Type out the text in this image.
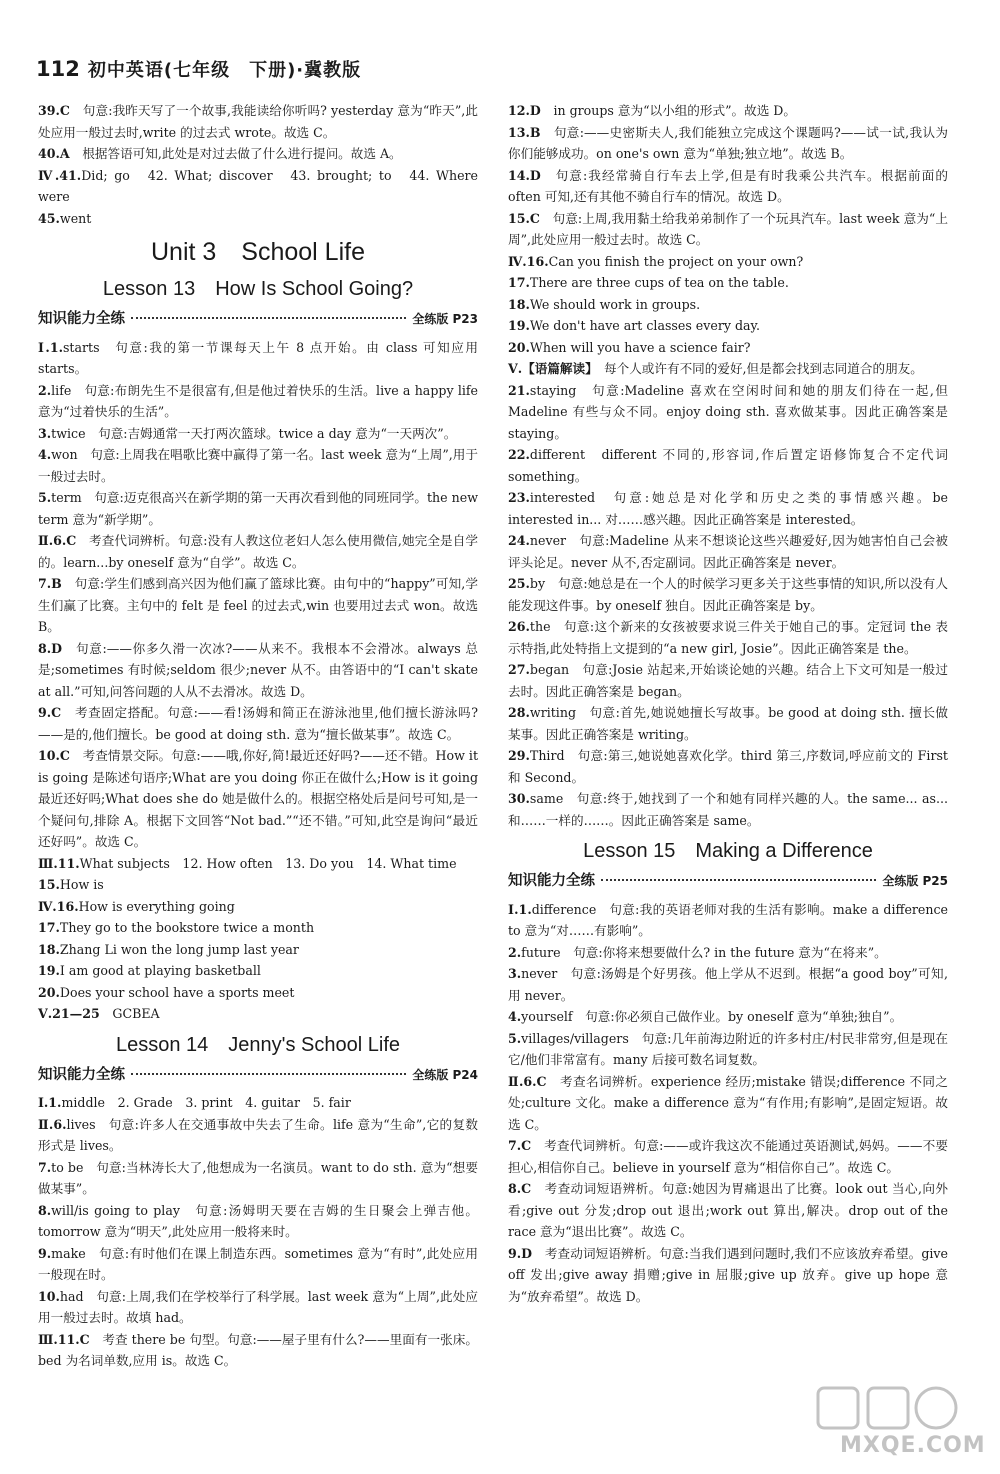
112 初中英语(七年级　下册)·冀教版

39.C　句意:我昨天写了一个故事,我能读给你听吗? yesterday 意为“昨天”,此处应用一般过去时,write 的过去式 wrote。故选 C。

40.A　根据答语可知,此处是对过去做了什么进行提问。故选 A。

Ⅳ.41.Did; go　42. What; discover　43. brought; to　44. Where were

45.went

Unit 3　School Life
Lesson 13　How Is School Going?
知识能力全练	全练版 P23

Ⅰ.1.starts　句意:我的第一节课每天上午 8 点开始。由 class 可知应用 starts。

2.life　句意:布朗先生不是很富有,但是他过着快乐的生活。live a happy life 意为“过着快乐的生活”。

3.twice　句意:吉姆通常一天打两次篮球。twice a day 意为“一天两次”。

4.won　句意:上周我在唱歌比赛中赢得了第一名。last week 意为“上周”,用于一般过去时。

5.term　句意:迈克很高兴在新学期的第一天再次看到他的同班同学。the new term 意为“新学期”。

Ⅱ.6.C　考查代词辨析。句意:没有人教这位老妇人怎么使用微信,她完全是自学的。learn...by oneself 意为“自学”。故选 C。

7.B　句意:学生们感到高兴因为他们赢了篮球比赛。由句中的“happy”可知,学生们赢了比赛。主句中的 felt 是 feel 的过去式,win 也要用过去式 won。故选 B。

8.D　句意:——你多久滑一次冰?——从来不。我根本不会滑冰。always 总是;sometimes 有时候;seldom 很少;never 从不。由答语中的“I can't skate at all.”可知,问答问题的人从不去滑冰。故选 D。

9.C　考查固定搭配。句意:——看!汤姆和简正在游泳池里,他们擅长游泳吗?——是的,他们擅长。be good at doing sth. 意为“擅长做某事”。故选 C。

10.C　考查情景交际。句意:——哦,你好,简!最近还好吗?——还不错。How it is going 是陈述句语序;What are you doing 你正在做什么;How is it going 最近还好吗;What does she do 她是做什么的。根据空格处后是问号可知,是一个疑问句,排除 A。根据下文回答“Not bad.”“还不错。”可知,此空是询问“最近还好吗”。故选 C。

Ⅲ.11.What subjects　12. How often　13. Do you　14. What time

15.How is

Ⅳ.16.How is everything going

17.They go to the bookstore twice a month

18.Zhang Li won the long jump last year

19.I am good at playing basketball

20.Does your school have a sports meet

Ⅴ.21—25　GCBEA

Lesson 14　Jenny's School Life
知识能力全练	全练版 P24

Ⅰ.1.middle　2. Grade　3. print　4. guitar　5. fair

Ⅱ.6.lives　句意:许多人在交通事故中失去了生命。life 意为“生命”,它的复数形式是 lives。

7.to be　句意:当林涛长大了,他想成为一名演员。want to do sth. 意为“想要做某事”。

8.will/is going to play　句意:汤姆明天要在吉姆的生日聚会上弹吉他。tomorrow 意为“明天”,此处应用一般将来时。

9.make　句意:有时他们在课上制造东西。sometimes 意为“有时”,此处应用一般现在时。

10.had　句意:上周,我们在学校举行了科学展。last week 意为“上周”,此处应用一般过去时。故填 had。

Ⅲ.11.C　考查 there be 句型。句意:——屋子里有什么?——里面有一张床。bed 为名词单数,应用 is。故选 C。

12.D　in groups 意为“以小组的形式”。故选 D。

13.B　句意:——史密斯夫人,我们能独立完成这个课题吗?——试一试,我认为你们能够成功。on one's own 意为“单独;独立地”。故选 B。

14.D　句意:我经常骑自行车去上学,但是有时我乘公共汽车。根据前面的 often 可知,还有其他不骑自行车的情况。故选 D。

15.C　句意:上周,我用黏土给我弟弟制作了一个玩具汽车。last week 意为“上周”,此处应用一般过去时。故选 C。

Ⅳ.16.Can you finish the project on your own?

17.There are three cups of tea on the table.

18.We should work in groups.

19.We don't have art classes every day.

20.When will you have a science fair?

Ⅴ.【语篇解读】　每个人或许有不同的爱好,但是都会找到志同道合的朋友。

21.staying　句意:Madeline 喜欢在空闲时间和她的朋友们待在一起,但 Madeline 有些与众不同。enjoy doing sth. 喜欢做某事。因此正确答案是 staying。

22.different　different 不同的,形容词,作后置定语修饰复合不定代词 something。

23.interested　句意:她总是对化学和历史之类的事情感兴趣。be interested in... 对……感兴趣。因此正确答案是 interested。

24.never　句意:Madeline 从来不想谈论这些兴趣爱好,因为她害怕自己会被评头论足。never 从不,否定副词。因此正确答案是 never。

25.by　句意:她总是在一个人的时候学习更多关于这些事情的知识,所以没有人能发现这件事。by oneself 独自。因此正确答案是 by。

26.the　句意:这个新来的女孩被要求说三件关于她自己的事。定冠词 the 表示特指,此处特指上文提到的“a new girl, Josie”。因此正确答案是 the。

27.began　句意:Josie 站起来,开始谈论她的兴趣。结合上下文可知是一般过去时。因此正确答案是 began。

28.writing　句意:首先,她说她擅长写故事。be good at doing sth. 擅长做某事。因此正确答案是 writing。

29.Third　句意:第三,她说她喜欢化学。third 第三,序数词,呼应前文的 First 和 Second。

30.same　句意:终于,她找到了一个和她有同样兴趣的人。the same... as... 和……一样的……。因此正确答案是 same。

Lesson 15　Making a Difference
知识能力全练	全练版 P25

Ⅰ.1.difference　句意:我的英语老师对我的生活有影响。make a difference to 意为“对……有影响”。

2.future　句意:你将来想要做什么? in the future 意为“在将来”。

3.never　句意:汤姆是个好男孩。他上学从不迟到。根据“a good boy”可知,用 never。

4.yourself　句意:你必须自己做作业。by oneself 意为“单独;独自”。

5.villages/villagers　句意:几年前海边附近的许多村庄/村民非常穷,但是现在它/他们非常富有。many 后接可数名词复数。

Ⅱ.6.C　考查名词辨析。experience 经历;mistake 错误;difference 不同之处;culture 文化。make a difference 意为“有作用;有影响”,是固定短语。故选 C。

7.C　考查代词辨析。句意:——或许我这次不能通过英语测试,妈妈。——不要担心,相信你自己。believe in yourself 意为“相信你自己”。故选 C。

8.C　考查动词短语辨析。句意:她因为胃痛退出了比赛。look out 当心,向外看;give out 分发;drop out 退出;work out 算出,解决。drop out of the race 意为“退出比赛”。故选 C。

9.D　考查动词短语辨析。句意:当我们遇到问题时,我们不应该放弃希望。give off 发出;give away 捐赠;give in 屈服;give up 放弃。give up hope 意为“放弃希望”。故选 D。

MXQE.COM
